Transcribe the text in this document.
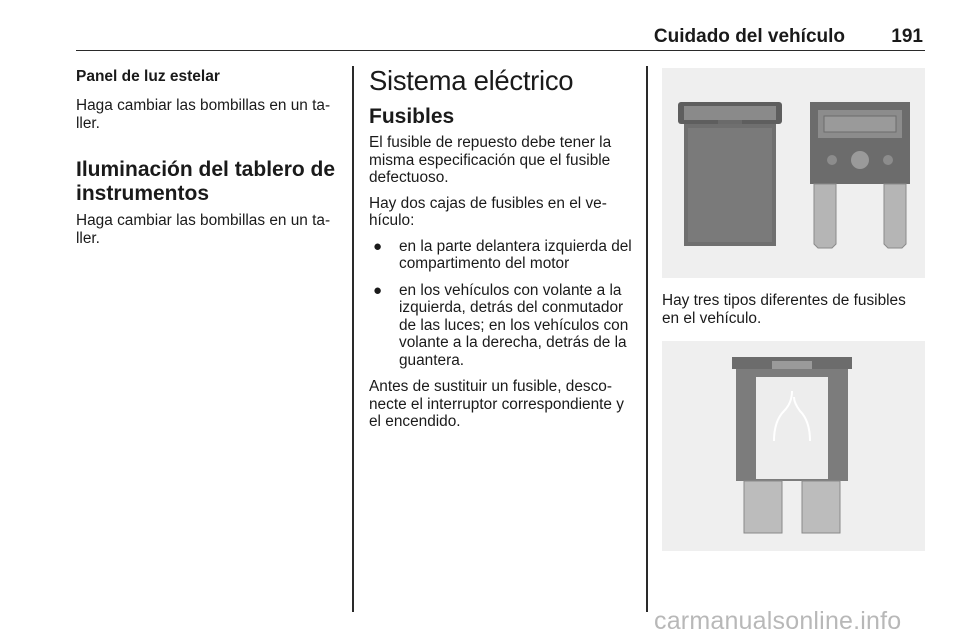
Cuidado del vehículo 191
Panel de luz estelar

Haga cambiar las bombillas en un ta-ller.

Iluminación del tablero de instrumentos

Haga cambiar las bombillas en un ta-ller.

Sistema eléctrico
Fusibles

El fusible de repuesto debe tener la misma especificación que el fusible defectuoso.

Hay dos cajas de fusibles en el ve-hículo:

● en la parte delantera izquierda del compartimento del motor
● en los vehículos con volante a la izquierda, detrás del conmutador de las luces; en los vehículos con volante a la derecha, detrás de la guantera.

Antes de sustituir un fusible, desco-necte el interruptor correspondiente y el encendido.

Hay tres tipos diferentes de fusibles en el vehículo.

carmanualsonline.info
